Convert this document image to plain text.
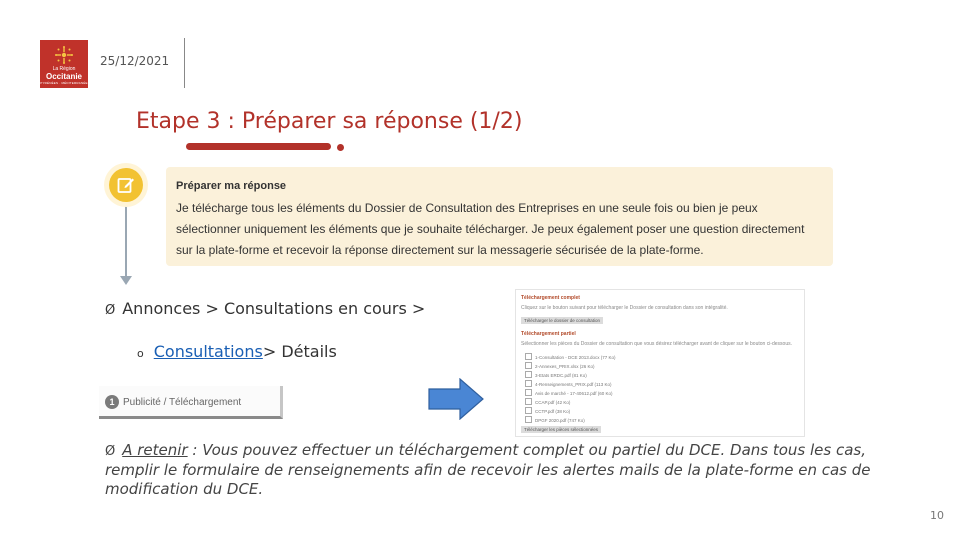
La Région
Occitanie
PYRÉNÉES · MÉDITERRANÉE
25/12/2021
Etape 3 : Préparer sa réponse (1/2)
Préparer ma réponse
Je télécharge tous les éléments du Dossier de Consultation des Entreprises en une seule fois ou bien je peux sélectionner uniquement les éléments que je souhaite télécharger. Je peux également poser une question directement sur la plate-forme et recevoir la réponse directement sur la messagerie sécurisée de la plate-forme.
Ø Annonces > Consultations en cours >
o Consultations> Détails
1 Publicité / Téléchargement
Téléchargement complet
Cliquez sur le bouton suivant pour télécharger le Dossier de consultation dans son intégralité.
Télécharger le dossier de consultation
Téléchargement partiel
Sélectionner les pièces du Dossier de consultation que vous désirez télécharger avant de cliquer sur le bouton ci-dessous.
1-Consultation - DCE 2013.docx (77 Ko)
2-Annexes_PRIX.xlsx (26 Ko)
3-Etats ERDC.pdf (81 Ko)
4-Renseignements_PRIX.pdf (113 Ko)
Avis de marché - 17-40612.pdf (60 Ko)
CCAP.pdf (42 Ko)
CCTP.pdf (38 Ko)
DPGF 2020.pdf (747 Ko)
Télécharger les pièces sélectionnées
Ø A retenir : Vous pouvez effectuer un téléchargement complet ou partiel du DCE. Dans tous les cas, remplir le formulaire de renseignements afin de recevoir les alertes mails de la plate-forme en cas de modification du DCE.
10
